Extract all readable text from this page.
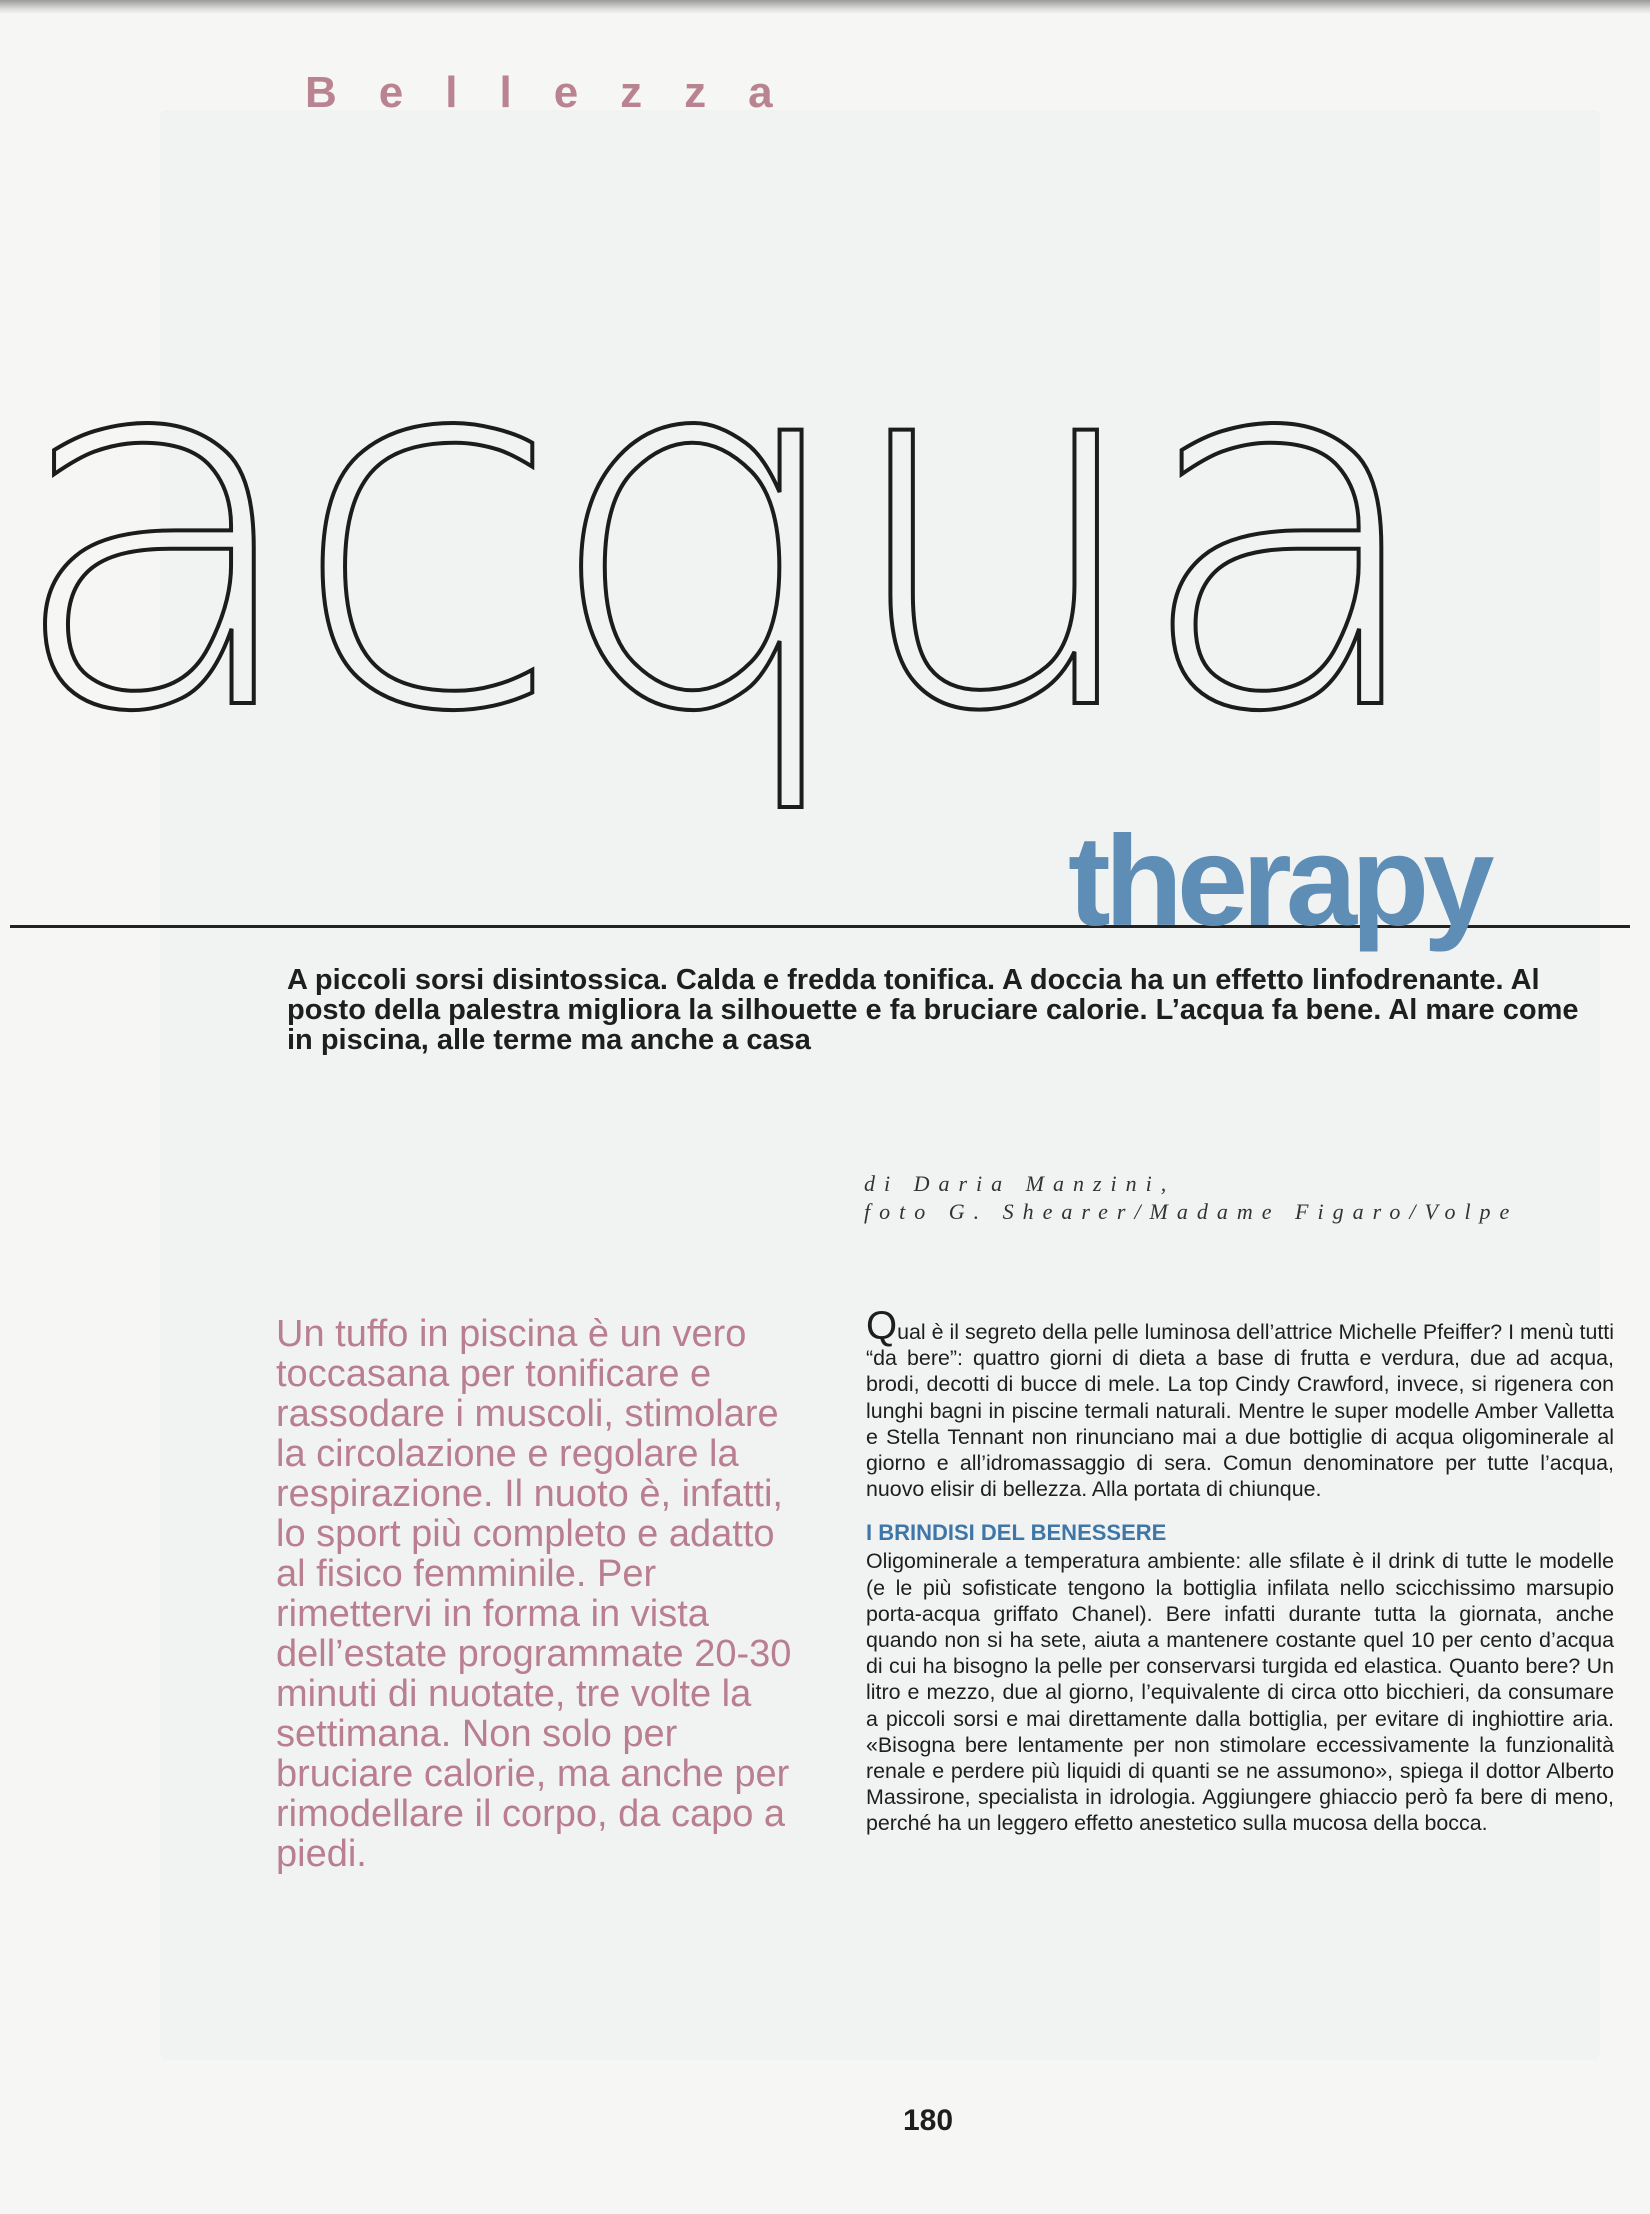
Bellezza
acqua
therapy
A piccoli sorsi disintossica. Calda e fredda tonifica. A doccia ha un effetto linfodrenante. Al posto della palestra migliora la silhouette e fa bruciare calorie. L’acqua fa bene. Al mare come in piscina, alle terme ma anche a casa
di Daria Manzini,
foto G. Shearer/Madame Figaro/Volpe
Un tuffo in piscina è un vero toccasana per tonificare e rassodare i muscoli, stimolare la circolazione e regolare la respirazione. Il nuoto è, infatti, lo sport più completo e adatto al fisico femminile. Per rimettervi in forma in vista dell’estate programmate 20-30 minuti di nuotate, tre volte la settimana. Non solo per bruciare calorie, ma anche per rimodellare il corpo, da capo a piedi.

Qual è il segreto della pelle luminosa dell’attrice Michelle Pfeiffer? I menù tutti “da bere”: quattro giorni di dieta a base di frutta e verdura, due ad acqua, brodi, decotti di bucce di mele. La top Cindy Crawford, invece, si rigenera con lunghi bagni in piscine termali naturali. Mentre le super modelle Amber Valletta e Stella Tennant non rinunciano mai a due bottiglie di acqua oligominerale al giorno e all’idromassaggio di sera. Comun denominatore per tutte l’acqua, nuovo elisir di bellezza. Alla portata di chiunque.

I BRINDISI DEL BENESSERE

Oligominerale a temperatura ambiente: alle sfilate è il drink di tutte le modelle (e le più sofisticate tengono la bottiglia infilata nello scicchissimo marsupio porta-acqua griffato Chanel). Bere infatti durante tutta la giornata, anche quando non si ha sete, aiuta a mantenere costante quel 10 per cento d’acqua di cui ha bisogno la pelle per conservarsi turgida ed elastica. Quanto bere? Un litro e mezzo, due al giorno, l’equivalente di circa otto bicchieri, da consumare a piccoli sorsi e mai direttamente dalla bottiglia, per evitare di inghiottire aria. «Bisogna bere lentamente per non stimolare eccessivamente la funzionalità renale e perdere più liquidi di quanti se ne assumono», spiega il dottor Alberto Massirone, specialista in idrologia. Aggiungere ghiaccio però fa bere di meno, perché ha un leggero effetto anestetico sulla mucosa della bocca.

180
